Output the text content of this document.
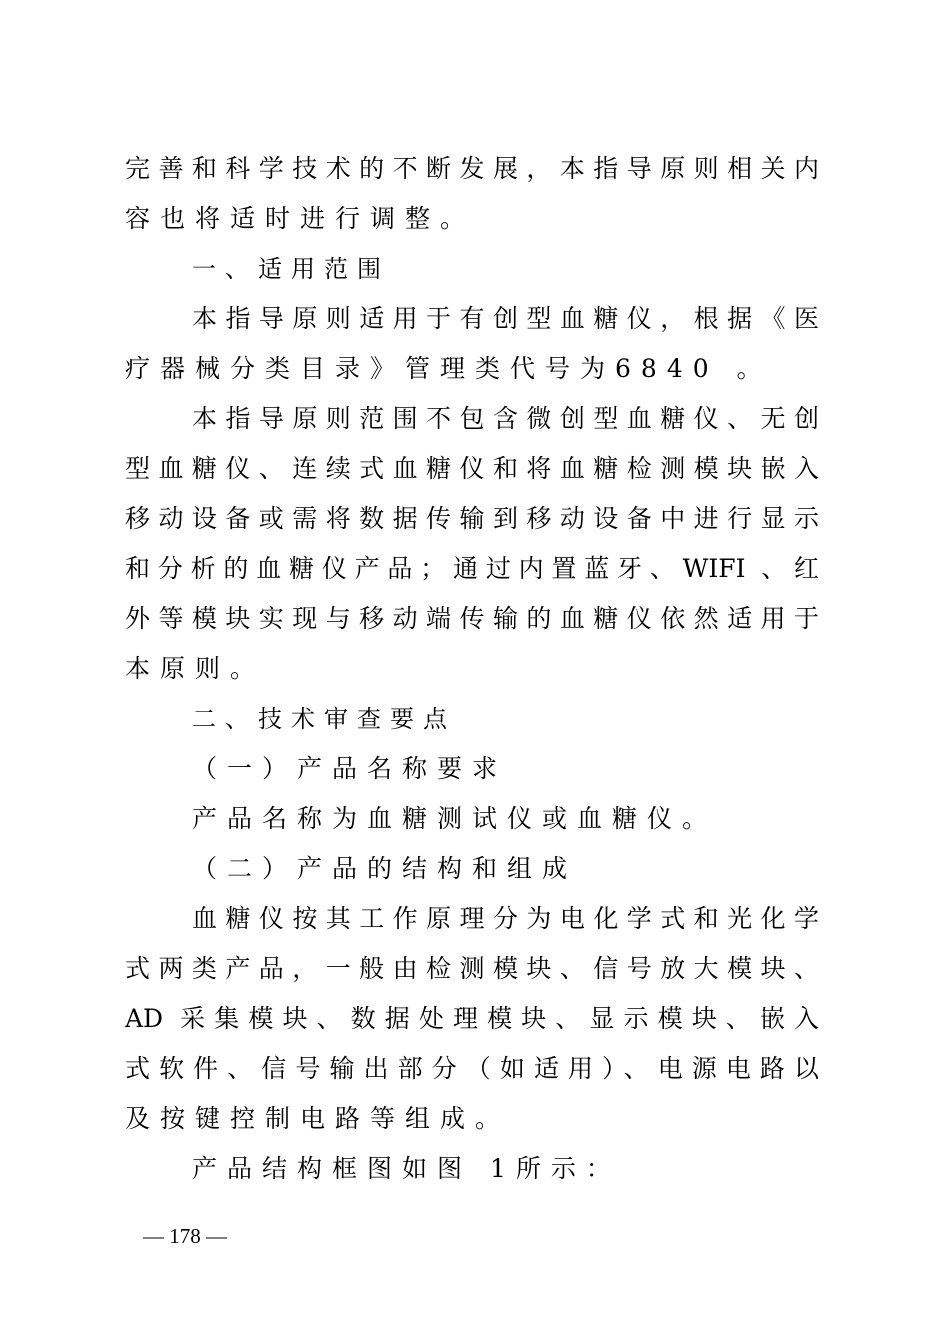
完善和科学技术的不断发展，本指导原则相关内
容也将适时进行调整。
一、适用范围
本指导原则适用于有创型血糖仪，根据《医
疗器械分类目录》管理类代号为6840 。
本指导原则范围不包含微创型血糖仪、无创
型血糖仪、连续式血糖仪和将血糖检测模块嵌入
移动设备或需将数据传输到移动设备中进行显示
和分析的血糖仪产品；通过内置蓝牙、WIFI 、红
外等模块实现与移动端传输的血糖仪依然适用于
本原则。
二、技术审查要点
（一）产品名称要求
产品名称为血糖测试仪或血糖仪。
（二）产品的结构和组成
血糖仪按其工作原理分为电化学式和光化学
式两类产品，一般由检测模块、信号放大模块、
AD 采集模块、数据处理模块、显示模块、嵌入
式软件、信号输出部分（如适用）、电源电路以
及按键控制电路等组成。
产品结构框图如图 1所示：
— 178 —
